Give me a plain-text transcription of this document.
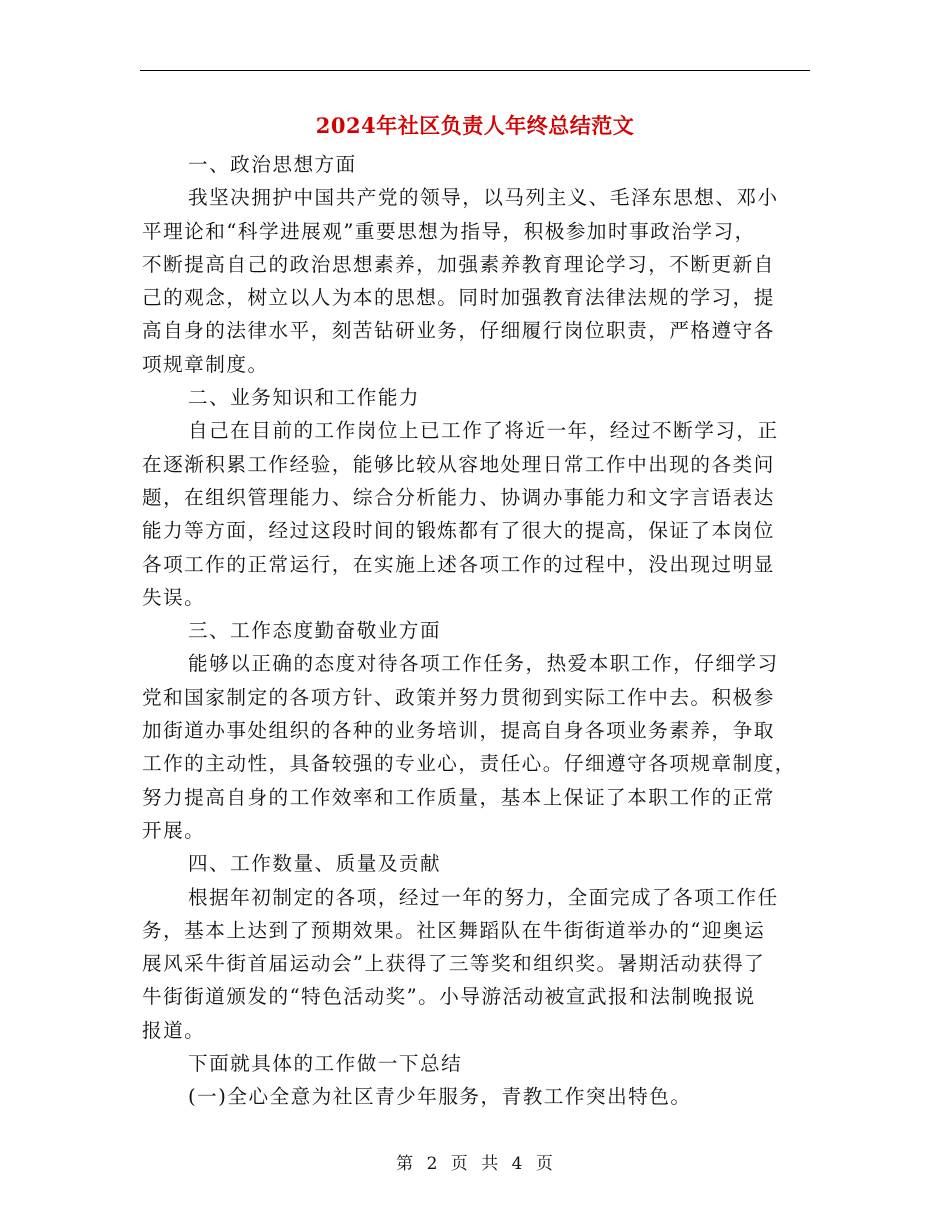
2024年社区负责人年终总结范文
一、政治思想方面
我坚决拥护中国共产党的领导，以马列主义、毛泽东思想、邓小
平理论和“科学进展观”重要思想为指导，积极参加时事政治学习，
不断提高自己的政治思想素养，加强素养教育理论学习，不断更新自
己的观念，树立以人为本的思想。同时加强教育法律法规的学习，提
高自身的法律水平，刻苦钻研业务，仔细履行岗位职责，严格遵守各
项规章制度。
二、业务知识和工作能力
自己在目前的工作岗位上已工作了将近一年，经过不断学习，正
在逐渐积累工作经验，能够比较从容地处理日常工作中出现的各类问
题，在组织管理能力、综合分析能力、协调办事能力和文字言语表达
能力等方面，经过这段时间的锻炼都有了很大的提高，保证了本岗位
各项工作的正常运行，在实施上述各项工作的过程中，没出现过明显
失误。
三、工作态度勤奋敬业方面
能够以正确的态度对待各项工作任务，热爱本职工作，仔细学习
党和国家制定的各项方针、政策并努力贯彻到实际工作中去。积极参
加街道办事处组织的各种的业务培训，提高自身各项业务素养，争取
工作的主动性，具备较强的专业心，责任心。仔细遵守各项规章制度，
努力提高自身的工作效率和工作质量，基本上保证了本职工作的正常
开展。
四、工作数量、质量及贡献
根据年初制定的各项，经过一年的努力，全面完成了各项工作任
务，基本上达到了预期效果。社区舞蹈队在牛街街道举办的“迎奥运
展风采牛街首届运动会”上获得了三等奖和组织奖。暑期活动获得了
牛街街道颁发的“特色活动奖”。小导游活动被宣武报和法制晚报说
报道。
下面就具体的工作做一下总结
(一)全心全意为社区青少年服务，青教工作突出特色。
第 2 页 共 4 页
